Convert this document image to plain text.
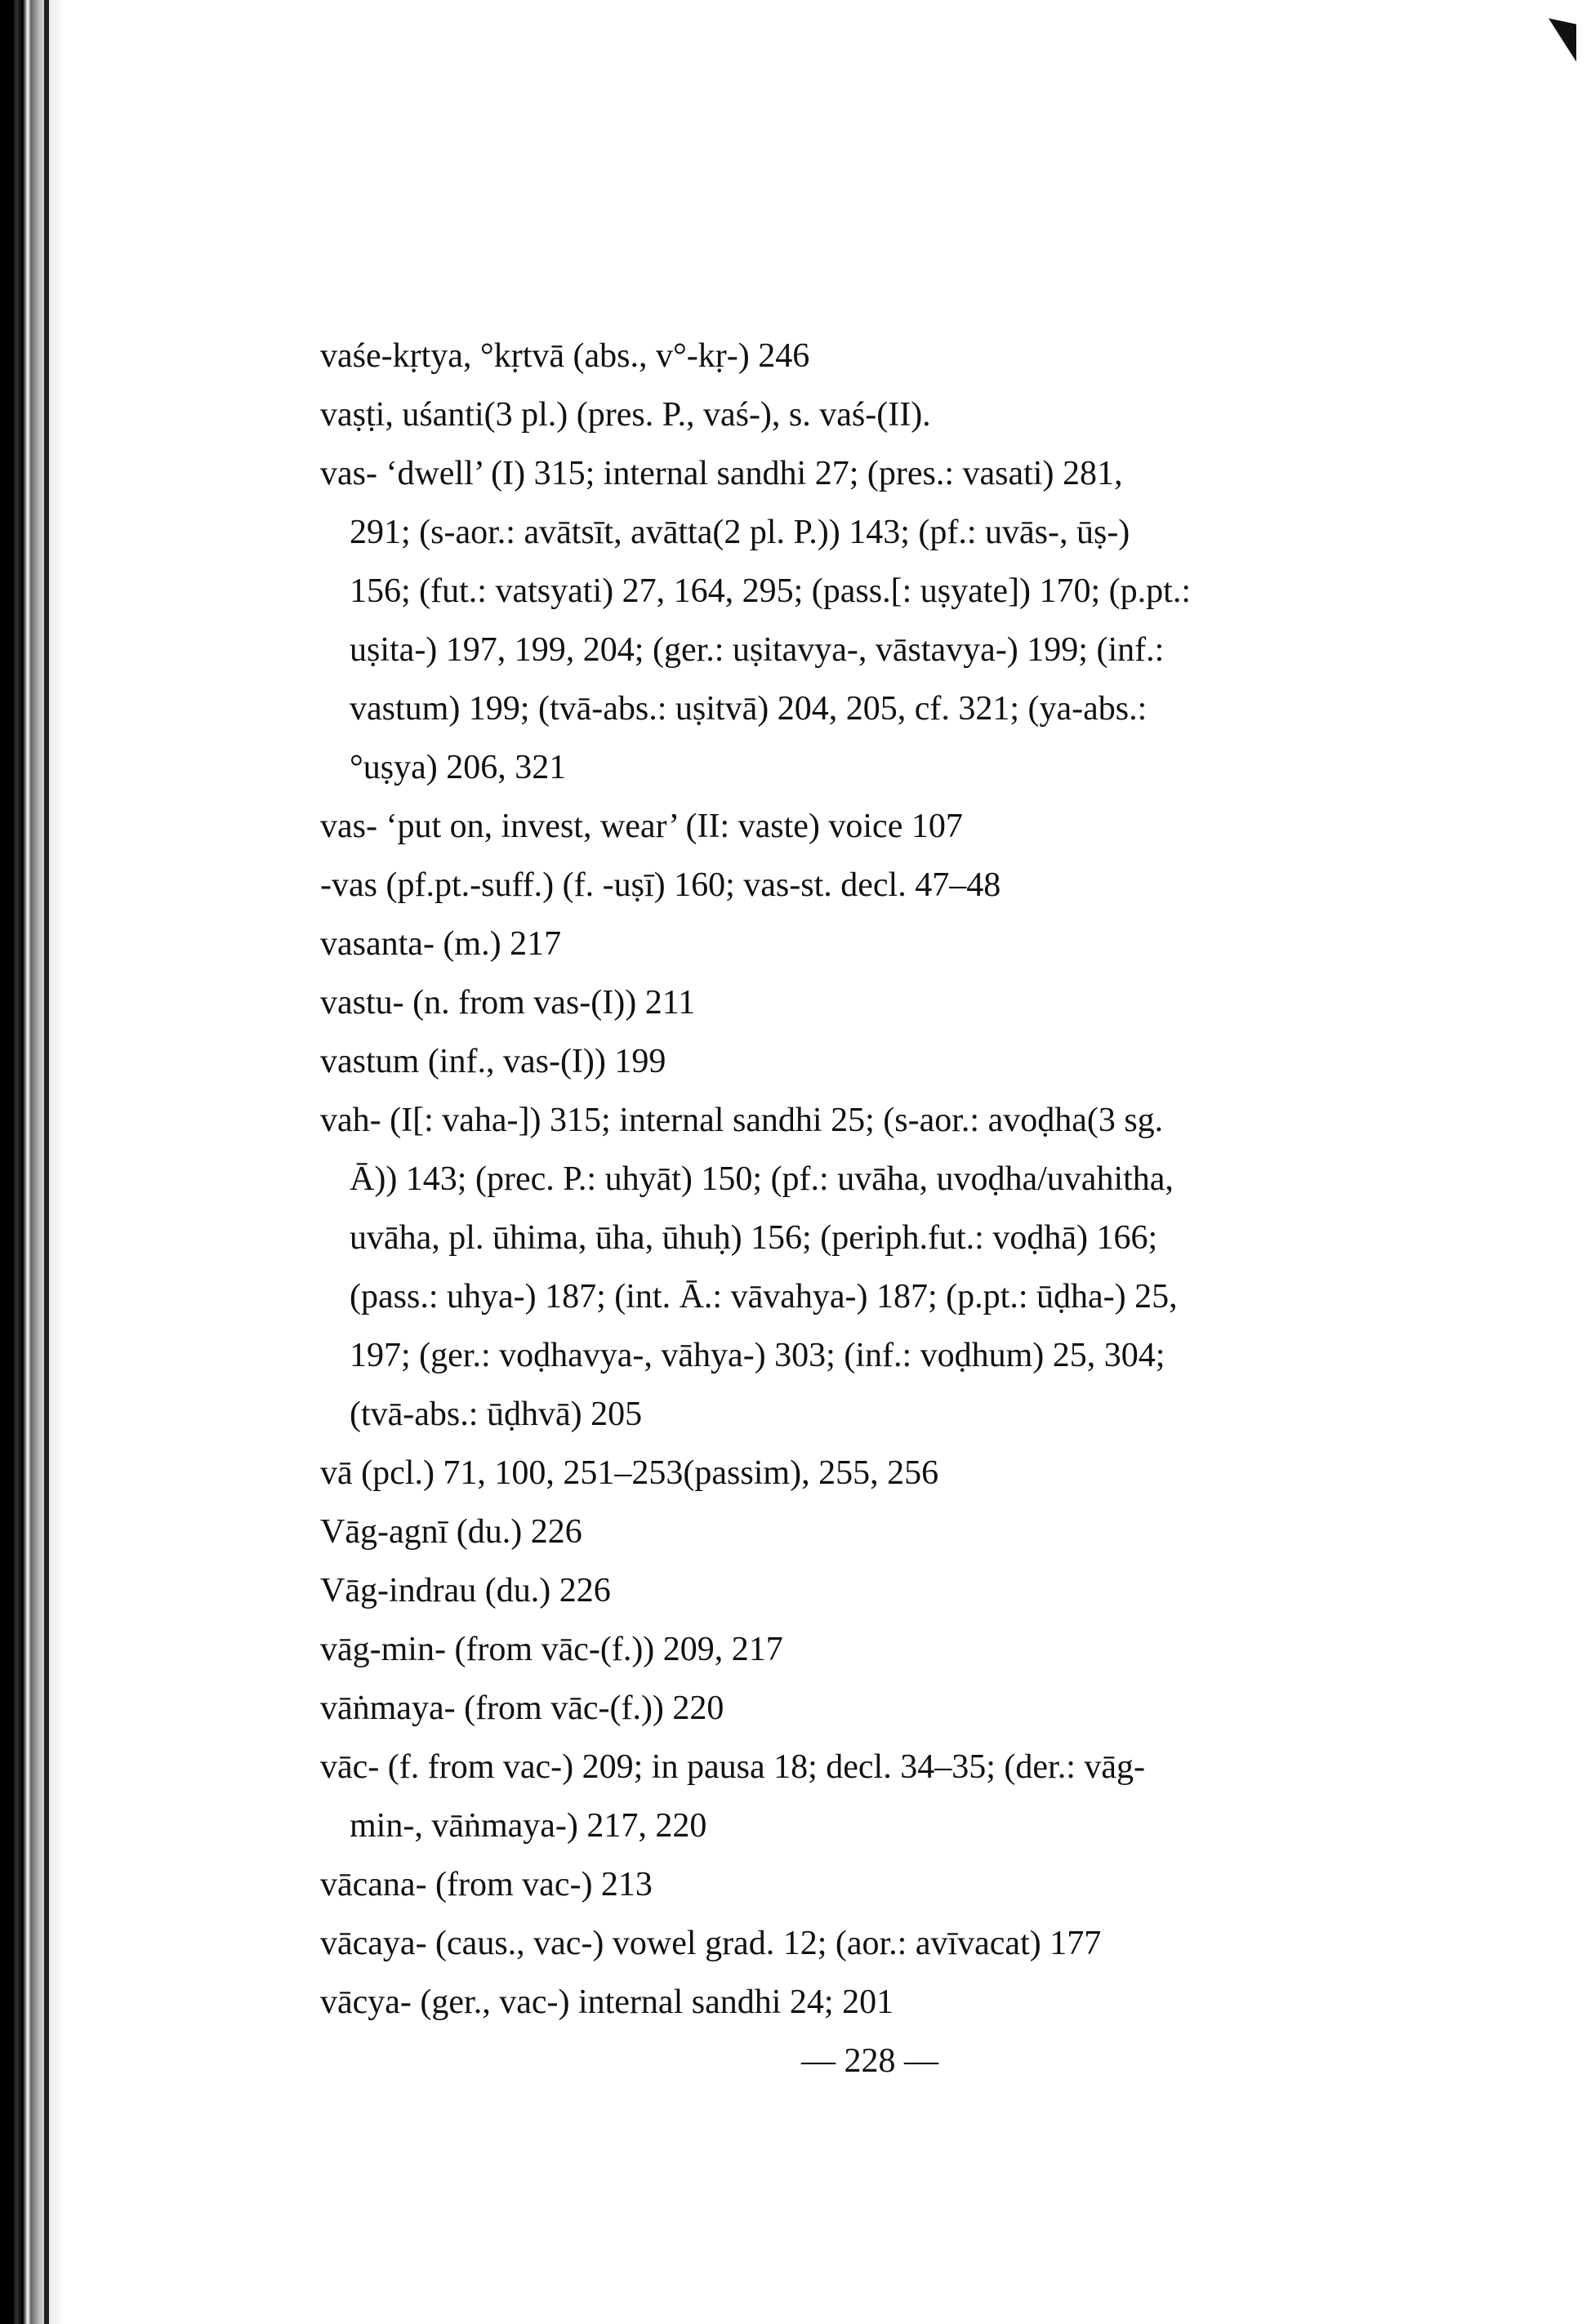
vaśe-kṛtya, °kṛtvā (abs., v°-kṛ-) 246

vaṣṭi, uśanti(3 pl.) (pres. P., vaś-), s. vaś-(II).

vas- ‘dwell’ (I) 315; internal sandhi 27; (pres.: vasati) 281,
291; (s-aor.: avātsīt, avātta(2 pl. P.)) 143; (pf.: uvās-, ūṣ-)
156; (fut.: vatsyati) 27, 164, 295; (pass.[: uṣyate]) 170; (p.pt.:
uṣita-) 197, 199, 204; (ger.: uṣitavya-, vāstavya-) 199; (inf.:
vastum) 199; (tvā-abs.: uṣitvā) 204, 205, cf. 321; (ya-abs.:
°uṣya) 206, 321

vas- ‘put on, invest, wear’ (II: vaste) voice 107

-vas (pf.pt.-suff.) (f. -uṣī) 160; vas-st. decl. 47–48

vasanta- (m.) 217

vastu- (n. from vas-(I)) 211

vastum (inf., vas-(I)) 199

vah- (I[: vaha-]) 315; internal sandhi 25; (s-aor.: avoḍha(3 sg.
Ā)) 143; (prec. P.: uhyāt) 150; (pf.: uvāha, uvoḍha/uvahitha,
uvāha, pl. ūhima, ūha, ūhuḥ) 156; (periph.fut.: voḍhā) 166;
(pass.: uhya-) 187; (int. Ā.: vāvahya-) 187; (p.pt.: ūḍha-) 25,
197; (ger.: voḍhavya-, vāhya-) 303; (inf.: voḍhum) 25, 304;
(tvā-abs.: ūḍhvā) 205

vā (pcl.) 71, 100, 251–253(passim), 255, 256

Vāg-agnī (du.) 226

Vāg-indrau (du.) 226

vāg-min- (from vāc-(f.)) 209, 217

vāṅmaya- (from vāc-(f.)) 220

vāc- (f. from vac-) 209; in pausa 18; decl. 34–35; (der.: vāg-
min-, vāṅmaya-) 217, 220

vācana- (from vac-) 213

vācaya- (caus., vac-) vowel grad. 12; (aor.: avīvacat) 177

vācya- (ger., vac-) internal sandhi 24; 201

— 228 —
